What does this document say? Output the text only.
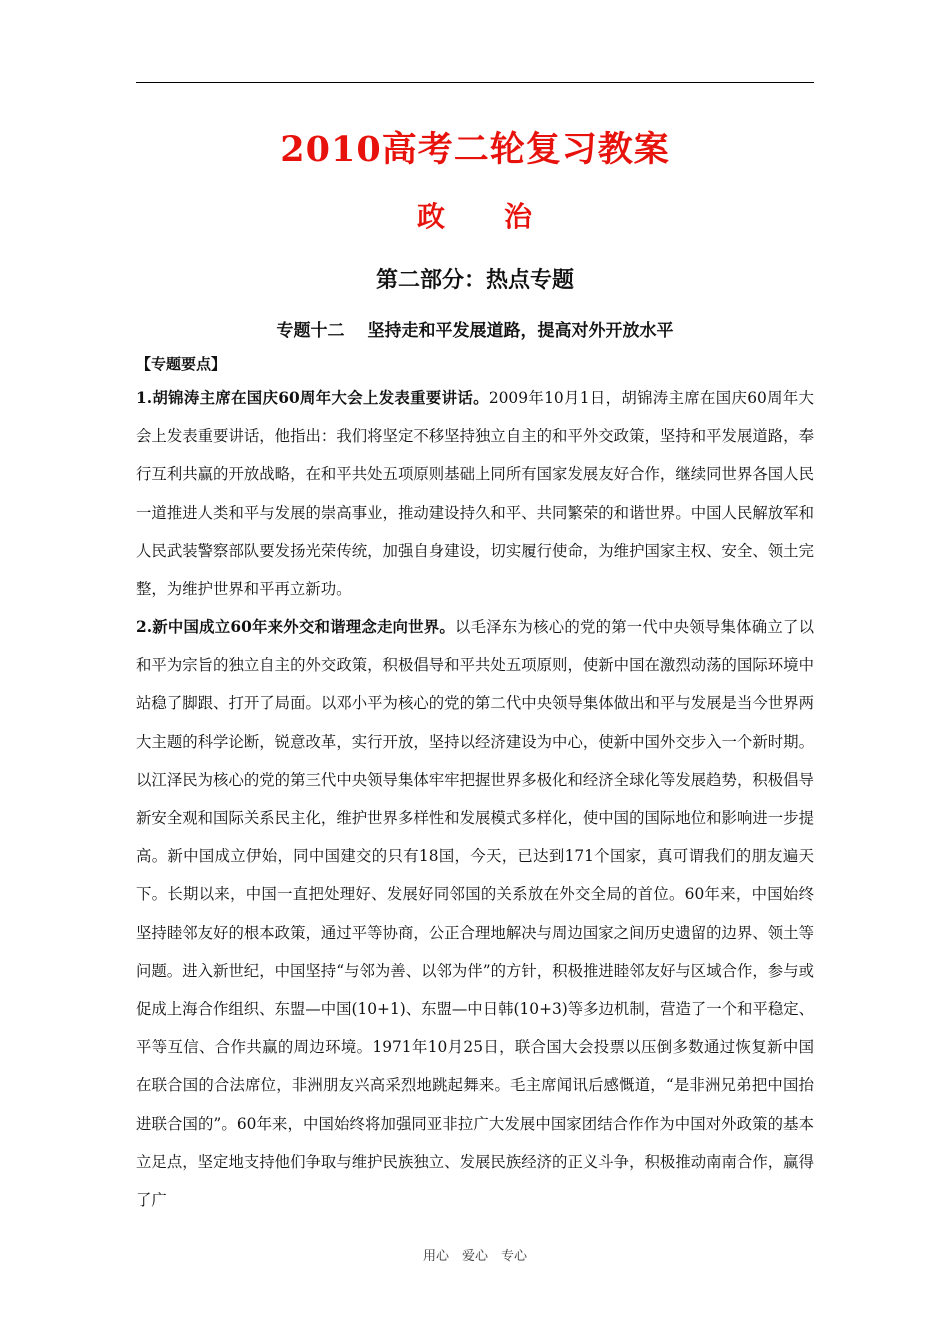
2010高考二轮复习教案
政　　治
第二部分：热点专题
专题十二　 坚持走和平发展道路，提高对外开放水平
【专题要点】
1.胡锦涛主席在国庆60周年大会上发表重要讲话。2009年10月1日，胡锦涛主席在国庆60周年大会上发表重要讲话，他指出：我们将坚定不移坚持独立自主的和平外交政策，坚持和平发展道路，奉行互利共赢的开放战略，在和平共处五项原则基础上同所有国家发展友好合作，继续同世界各国人民一道推进人类和平与发展的崇高事业，推动建设持久和平、共同繁荣的和谐世界。中国人民解放军和人民武装警察部队要发扬光荣传统，加强自身建设，切实履行使命，为维护国家主权、安全、领土完整，为维护世界和平再立新功。
2.新中国成立60年来外交和谐理念走向世界。以毛泽东为核心的党的第一代中央领导集体确立了以和平为宗旨的独立自主的外交政策，积极倡导和平共处五项原则，使新中国在激烈动荡的国际环境中站稳了脚跟、打开了局面。以邓小平为核心的党的第二代中央领导集体做出和平与发展是当今世界两大主题的科学论断，锐意改革，实行开放，坚持以经济建设为中心，使新中国外交步入一个新时期。以江泽民为核心的党的第三代中央领导集体牢牢把握世界多极化和经济全球化等发展趋势，积极倡导新安全观和国际关系民主化，维护世界多样性和发展模式多样化，使中国的国际地位和影响进一步提高。新中国成立伊始，同中国建交的只有18国，今天，已达到171个国家，真可谓我们的朋友遍天下。长期以来，中国一直把处理好、发展好同邻国的关系放在外交全局的首位。60年来，中国始终坚持睦邻友好的根本政策，通过平等协商，公正合理地解决与周边国家之间历史遗留的边界、领土等问题。进入新世纪，中国坚持“与邻为善、以邻为伴”的方针，积极推进睦邻友好与区域合作，参与或促成上海合作组织、东盟—中国(10+1)、东盟—中日韩(10+3)等多边机制，营造了一个和平稳定、平等互信、合作共赢的周边环境。1971年10月25日，联合国大会投票以压倒多数通过恢复新中国在联合国的合法席位，非洲朋友兴高采烈地跳起舞来。毛主席闻讯后感慨道，“是非洲兄弟把中国抬进联合国的”。60年来，中国始终将加强同亚非拉广大发展中国家团结合作作为中国对外政策的基本立足点，坚定地支持他们争取与维护民族独立、发展民族经济的正义斗争，积极推动南南合作，赢得了广
用心　爱心　专心
